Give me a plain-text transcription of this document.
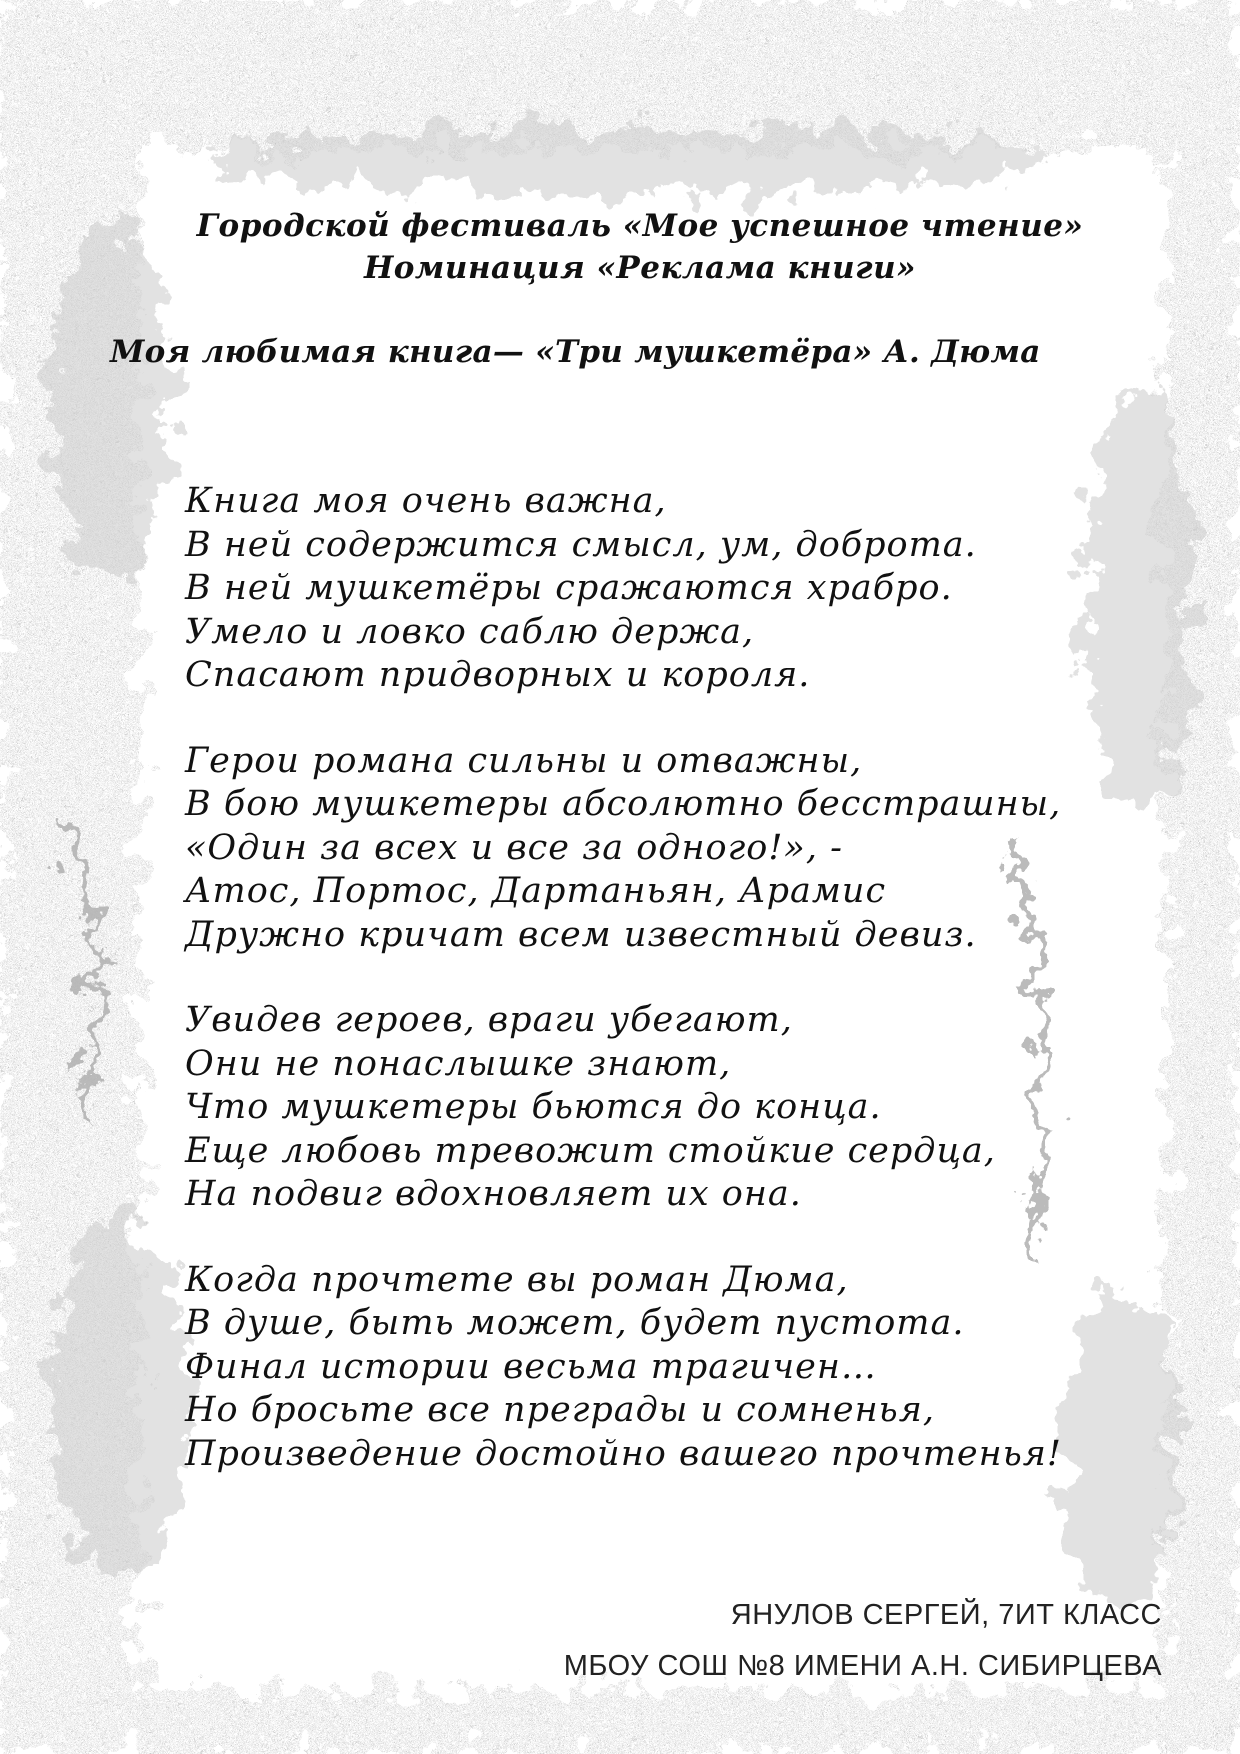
Городской фестиваль «Мое успешное чтение»
Номинация «Реклама книги»
Моя любимая книга— «Три мушкетёра» А. Дюма
Книга моя очень важна,
В ней содержится смысл, ум, доброта.
В ней мушкетёры сражаются храбро.
Умело и ловко саблю держа,
Спасают придворных и короля.
Герои романа сильны и отважны,
В бою мушкетеры абсолютно бесстрашны,
«Один за всех и все за одного!», -
Атос, Портос, Дартаньян, Арамис
Дружно кричат всем известный девиз.
Увидев героев, враги убегают,
Они не понаслышке знают,
Что мушкетеры бьются до конца.
Еще любовь тревожит стойкие сердца,
На подвиг вдохновляет их она.
Когда прочтете вы роман Дюма,
В душе, быть может, будет пустота.
Финал истории весьма трагичен…
Но бросьте все преграды и сомненья,
Произведение достойно вашего прочтенья!
ЯНУЛОВ СЕРГЕЙ, 7ИТ КЛАСС
МБОУ СОШ №8 ИМЕНИ А.Н. СИБИРЦЕВА
